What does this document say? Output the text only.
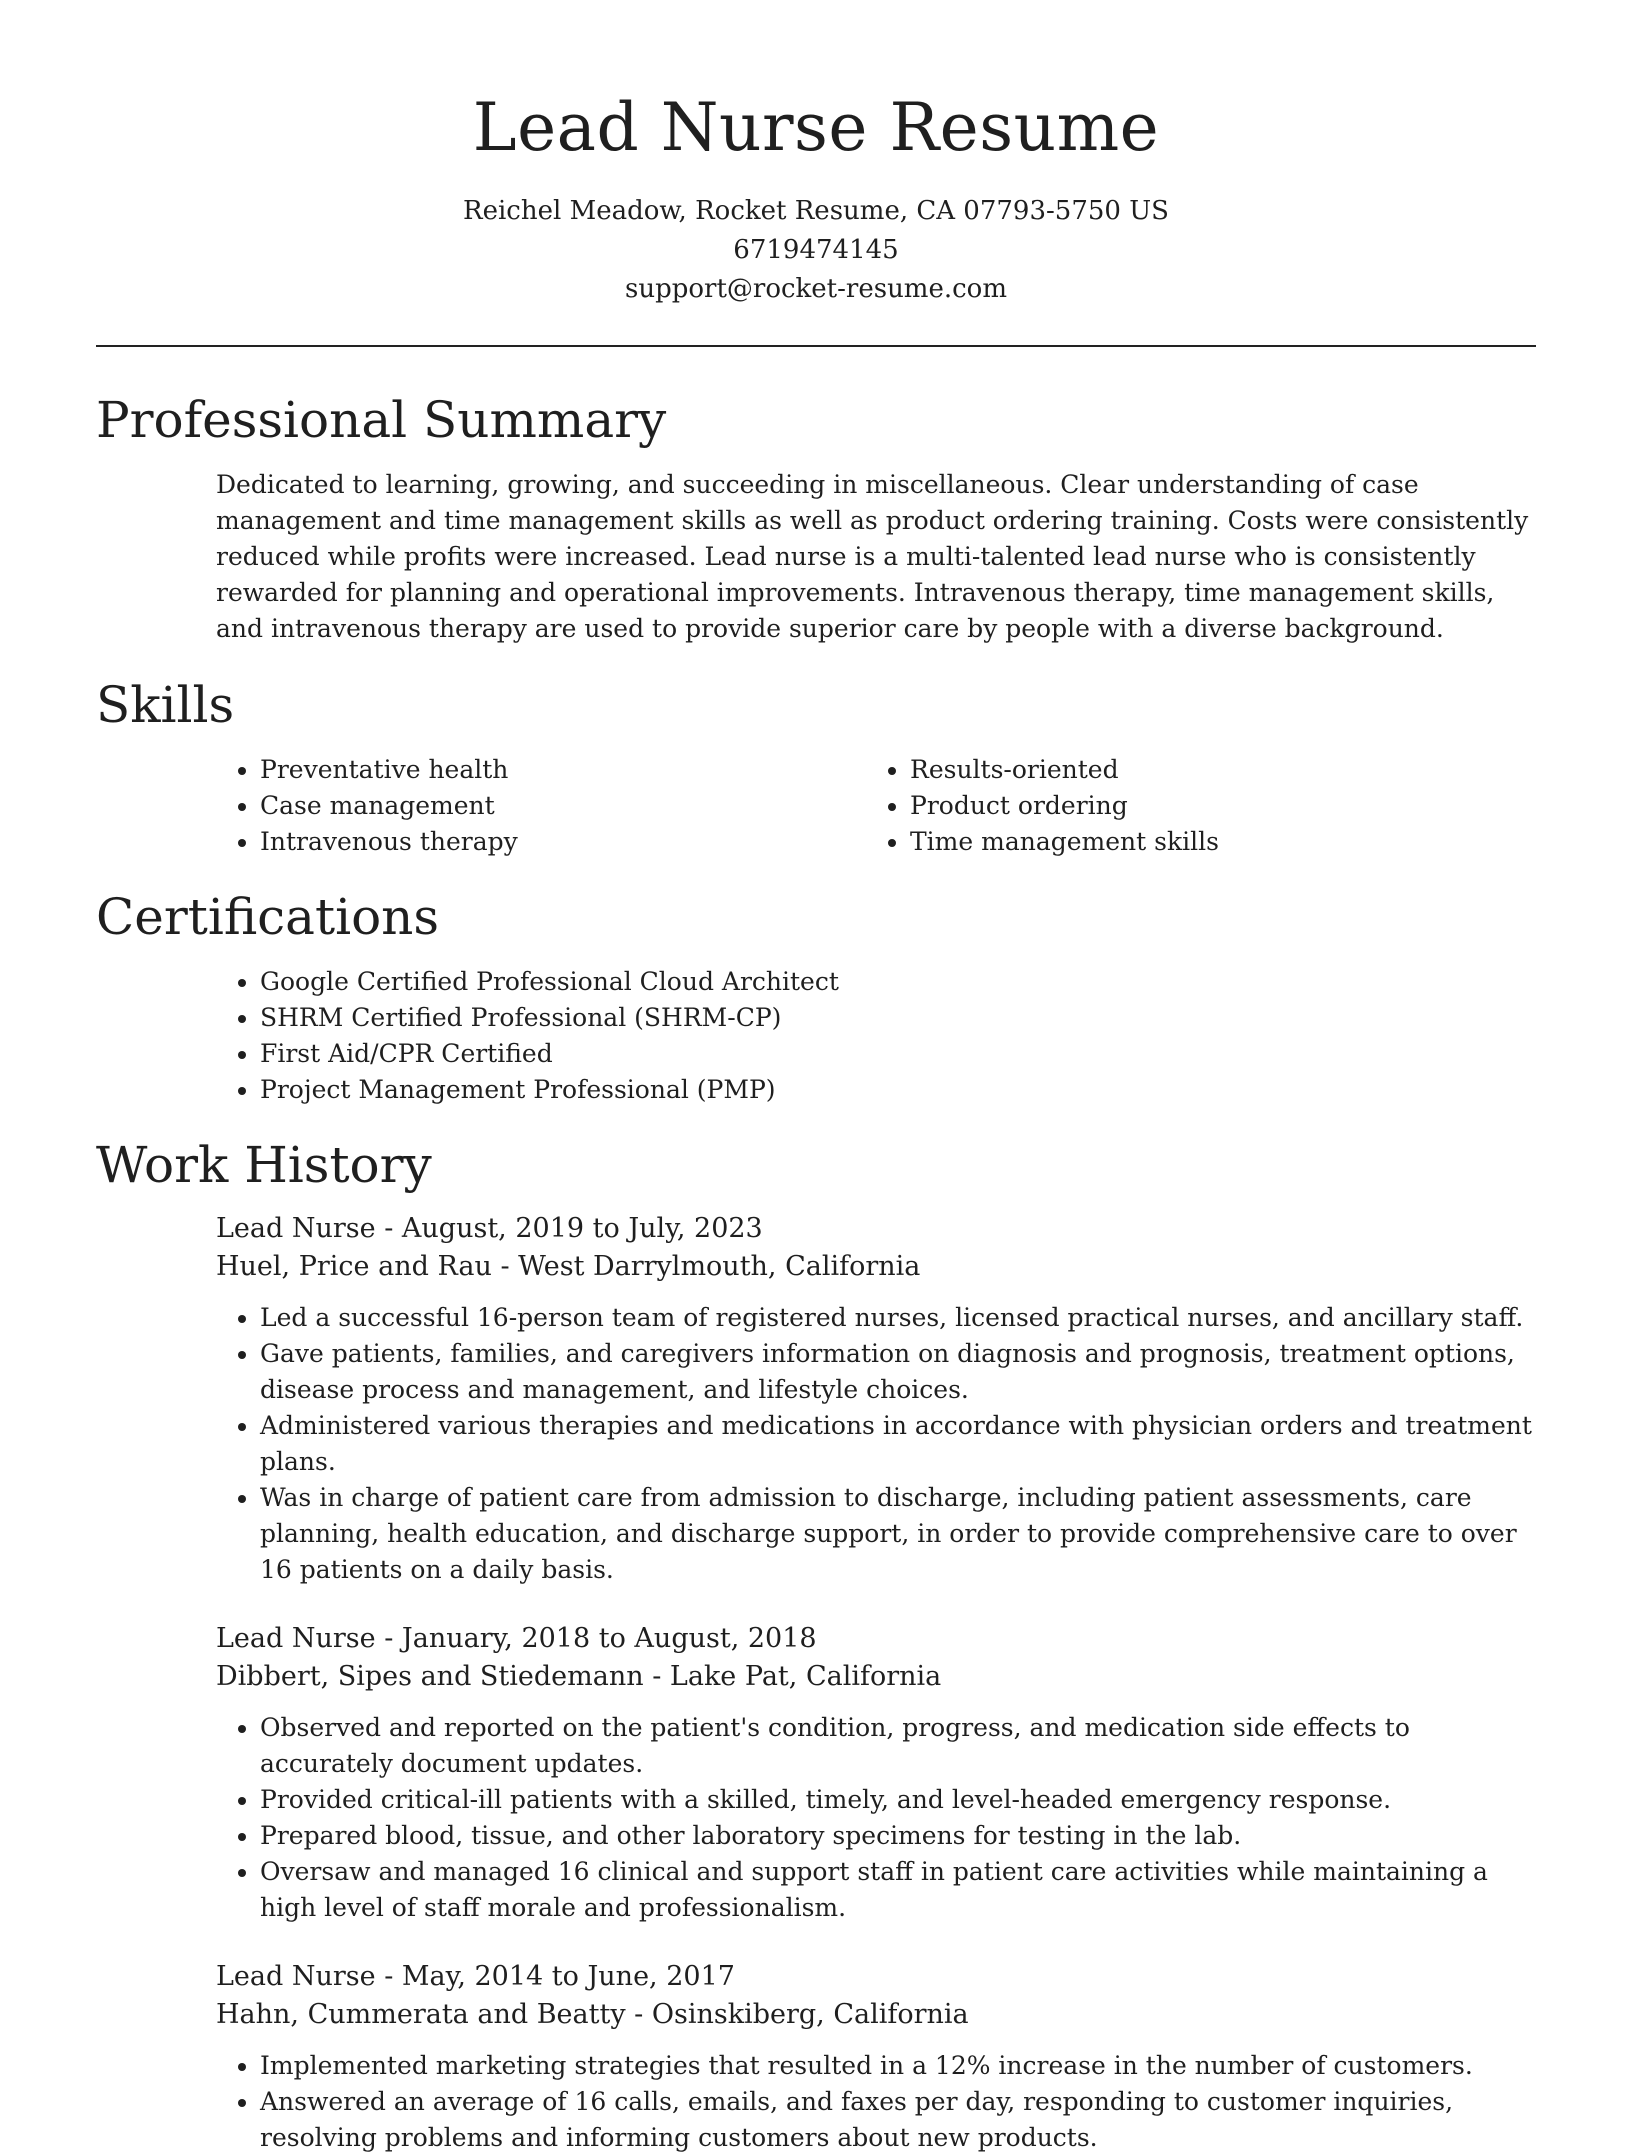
Lead Nurse Resume

Reichel Meadow, Rocket Resume, CA 07793-5750 US

6719474145

support@rocket-resume.com

Professional Summary

Dedicated to learning, growing, and succeeding in miscellaneous. Clear understanding of case management and time management skills as well as product ordering training. Costs were consistently reduced while profits were increased. Lead nurse is a multi-talented lead nurse who is consistently rewarded for planning and operational improvements. Intravenous therapy, time management skills, and intravenous therapy are used to provide superior care by people with a diverse background.

Skills
• Preventative health
• Case management
• Intravenous therapy
• Results-oriented
• Product ordering
• Time management skills
Certifications
• Google Certified Professional Cloud Architect
• SHRM Certified Professional (SHRM-CP)
• First Aid/CPR Certified
• Project Management Professional (PMP)
Work History

Lead Nurse - August, 2019 to July, 2023

Huel, Price and Rau - West Darrylmouth, California

• Led a successful 16-person team of registered nurses, licensed practical nurses, and ancillary staff.
• Gave patients, families, and caregivers information on diagnosis and prognosis, treatment options, disease process and management, and lifestyle choices.
• Administered various therapies and medications in accordance with physician orders and treatment plans.
• Was in charge of patient care from admission to discharge, including patient assessments, care planning, health education, and discharge support, in order to provide comprehensive care to over 16 patients on a daily basis.

Lead Nurse - January, 2018 to August, 2018

Dibbert, Sipes and Stiedemann - Lake Pat, California

• Observed and reported on the patient's condition, progress, and medication side effects to accurately document updates.
• Provided critical-ill patients with a skilled, timely, and level-headed emergency response.
• Prepared blood, tissue, and other laboratory specimens for testing in the lab.
• Oversaw and managed 16 clinical and support staff in patient care activities while maintaining a high level of staff morale and professionalism.

Lead Nurse - May, 2014 to June, 2017

Hahn, Cummerata and Beatty - Osinskiberg, California

• Implemented marketing strategies that resulted in a 12% increase in the number of customers.
• Answered an average of 16 calls, emails, and faxes per day, responding to customer inquiries, resolving problems and informing customers about new products.
